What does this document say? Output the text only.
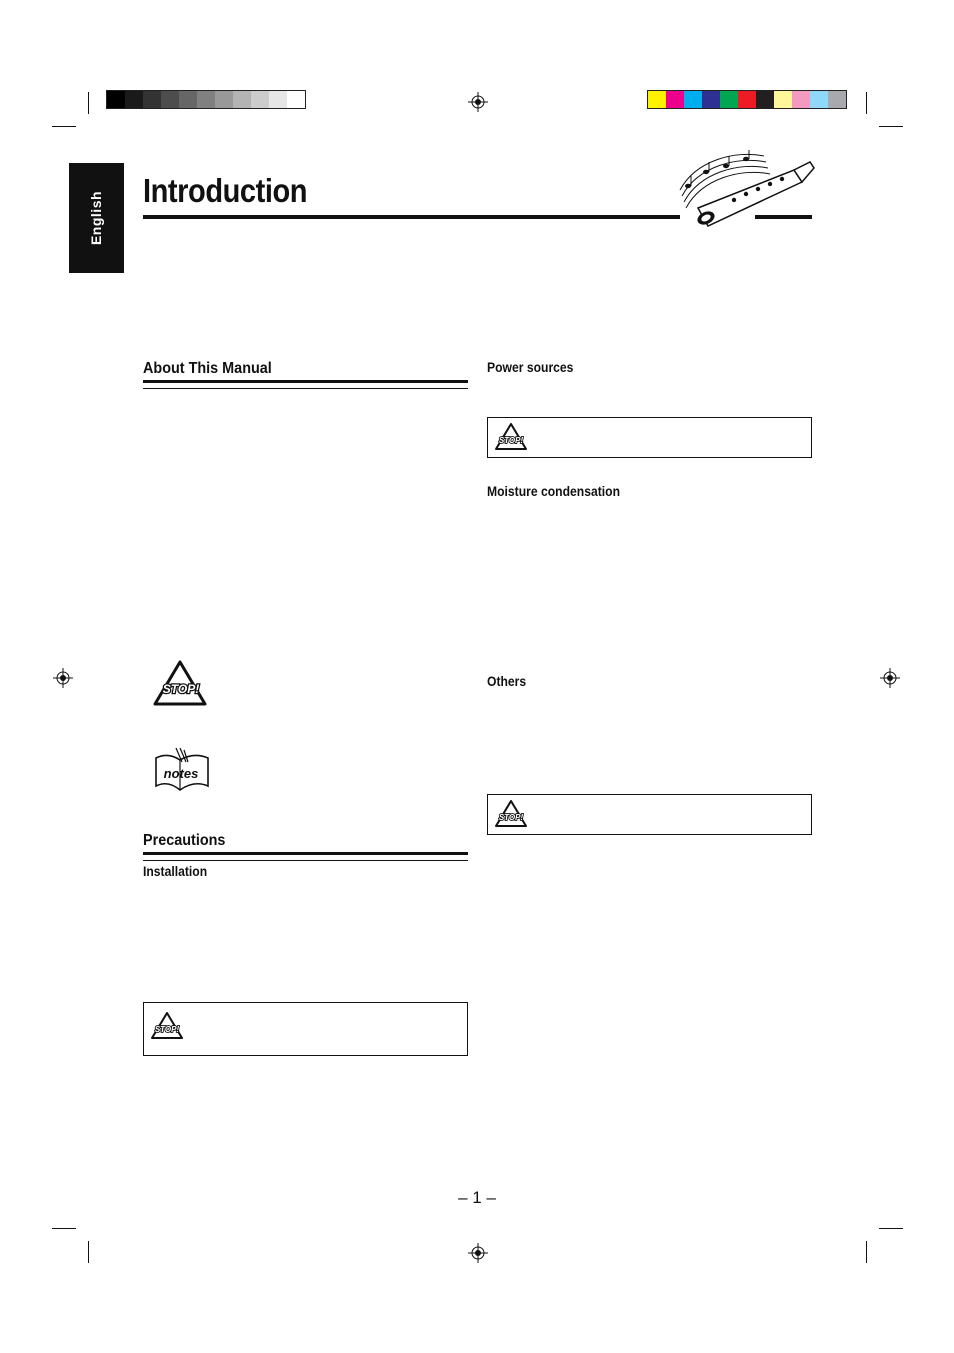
English
Introduction
About This Manual
STOP!
notes
Precautions
Installation
STOP!
Power sources
STOP!
Moisture condensation
Others
STOP!
– 1 –
